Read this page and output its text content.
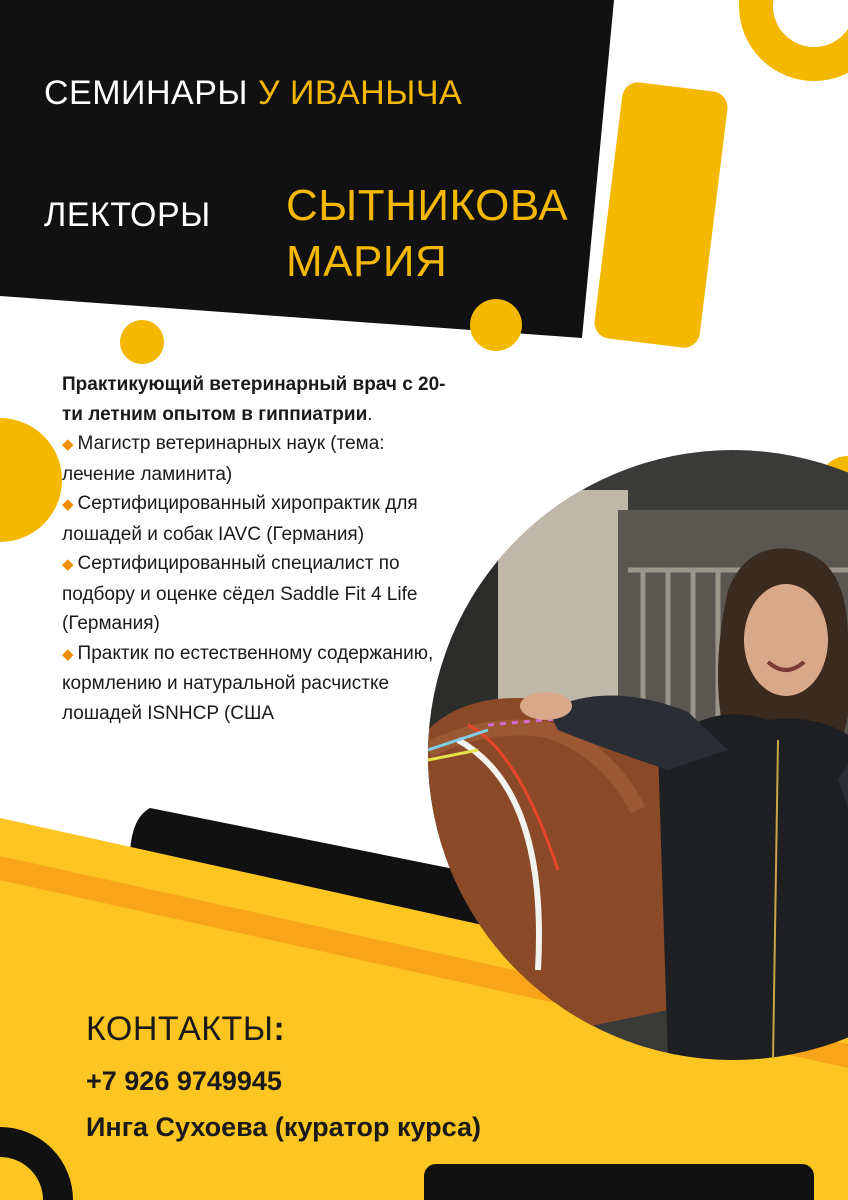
СЕМИНАРЫ У ИВАНЫЧА
ЛЕКТОРЫ СЫТНИКОВА
МАРИЯ
Практикующий ветеринарный врач с 20-ти летним опытом в гиппиатрии.
◆ Магистр ветеринарных наук (тема: лечение ламинита)
◆ Сертифицированный хиропрактик для лошадей и собак IAVC (Германия)
◆ Сертифицированный специалист по подбору и оценке сёдел Saddle Fit 4 Life (Германия)
◆ Практик по естественному содержанию, кормлению и натуральной расчистке лошадей ISNHCP (США
КОНТАКТЫ:
+7 926 9749945
Инга Сухоева (куратор курса)
